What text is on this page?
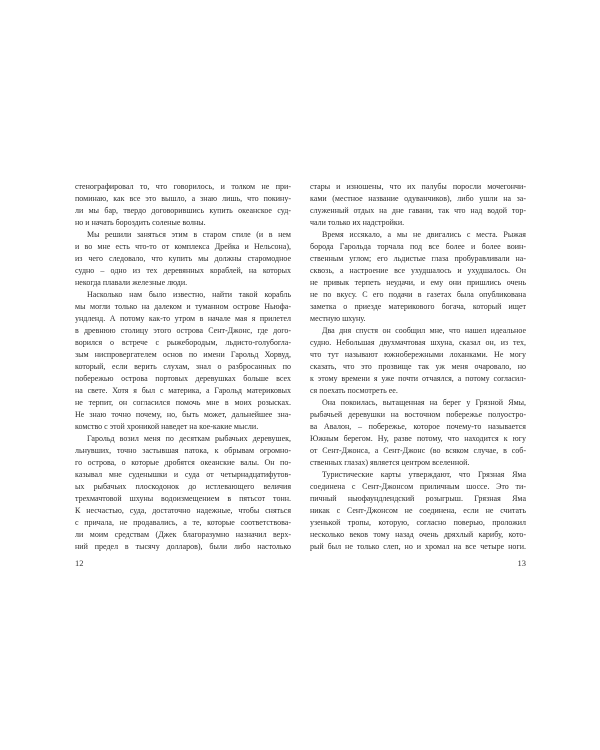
стенографировал то, что говорилось, и толком не при-
поминаю, как все это вышло, а знаю лишь, что покину-
ли мы бар, твердо договорившись купить океанское суд-
но и начать бороздить соленые волны.
Мы решили заняться этим в старом стиле (и в нем
и во мне есть что-то от комплекса Дрейка и Нельсона),
из чего следовало, что купить мы должны старомодное
судно – одно из тех деревянных кораблей, на которых
некогда плавали железные люди.
Насколько нам было известно, найти такой корабль
мы могли только на далеком и туманном острове Ньюфа-
ундленд. А потому как-то утром в начале мая я прилетел
в древнюю столицу этого острова Сент-Джонс, где дого-
ворился о встрече с рыжебородым, льдисто-голубогла-
зым ниспровергателем основ по имени Гарольд Хорвуд,
который, если верить слухам, знал о разбросанных по
побережью острова портовых деревушках больше всех
на свете. Хотя я был с материка, а Гарольд материковых
не терпит, он согласился помочь мне в моих розысках.
Не знаю точно почему, но, быть может, дальнейшее зна-
комство с этой хроникой наведет на кое-какие мысли.
Гарольд возил меня по десяткам рыбачьих деревушек,
льнувших, точно застывшая патока, к обрывам огромно-
го острова, о которые дробятся океанские валы. Он по-
казывал мне суденышки и суда от четырнадцатифутов-
ых рыбачьих плоскодонок до истлевающего величия
трехмачтовой шхуны водоизмещением в пятьсот тонн.
К несчастью, суда, достаточно надежные, чтобы сняться
с причала, не продавались, а те, которые соответствова-
ли моим средствам (Джек благоразумно назначил верх-
ний предел в тысячу долларов), были либо настолько
12
стары и изношены, что их палубы поросли мочегончи-
ками (местное название одуванчиков), либо ушли на за-
служенный отдых на дне гавани, так что над водой тор-
чали только их надстройки.
Время иссякало, а мы не двигались с места. Рыжая
борода Гарольда торчала под все более и более воин-
ственным углом; его льдистые глаза пробуравливали на-
сквозь, а настроение все ухудшалось и ухудшалось. Он
не привык терпеть неудачи, и ему они пришлись очень
не по вкусу. С его подачи в газетах была опубликована
заметка о приезде материкового богача, который ищет
местную шхуну.
Два дня спустя он сообщил мне, что нашел идеальное
судно. Небольшая двухмачтовая шхуна, сказал он, из тех,
что тут называют южнобережными лоханками. Не могу
сказать, что это прозвище так уж меня очаровало, но
к этому времени я уже почти отчаялся, а потому согласил-
ся поехать посмотреть ее.
Она покоилась, вытащенная на берег у Грязной Ямы,
рыбачьей деревушки на восточном побережье полуостро-
ва Авалон, – побережье, которое почему-то называется
Южным берегом. Ну, разве потому, что находится к югу
от Сент-Джонса, а Сент-Джонс (во всяком случае, в соб-
ственных глазах) является центром вселенной.
Туристические карты утверждают, что Грязная Яма
соединена с Сент-Джонсом приличным шоссе. Это ти-
пичный ньюфаундлендский розыгрыш. Грязная Яма
никак с Сент-Джонсом не соединена, если не считать
узенькой тропы, которую, согласно поверью, проложил
несколько веков тому назад очень дряхлый карибу, кото-
рый был не только слеп, но и хромал на все четыре ноги.
13
